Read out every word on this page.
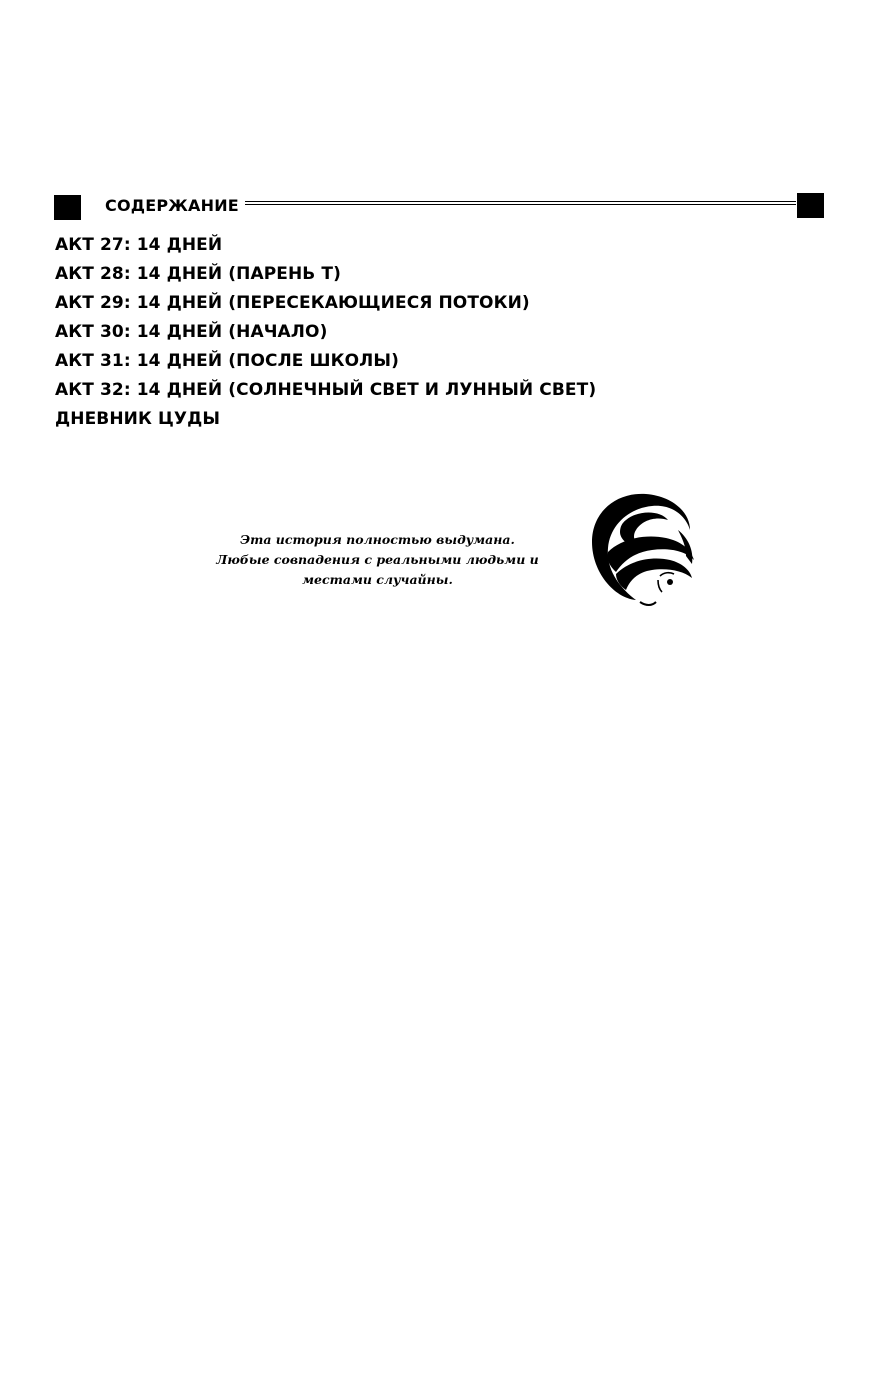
СОДЕРЖАНИЕ
АКТ 27: 14 ДНЕЙ
АКТ 28: 14 ДНЕЙ (ПАРЕНЬ Т)
АКТ 29: 14 ДНЕЙ (ПЕРЕСЕКАЮЩИЕСЯ ПОТОКИ)
АКТ 30: 14 ДНЕЙ (НАЧАЛО)
АКТ 31: 14 ДНЕЙ (ПОСЛЕ ШКОЛЫ)
АКТ 32: 14 ДНЕЙ (СОЛНЕЧНЫЙ СВЕТ И ЛУННЫЙ СВЕТ)
ДНЕВНИК ЦУДЫ
Эта история полностью выдумана.
Любые совпадения с реальными людьми и
местами случайны.
